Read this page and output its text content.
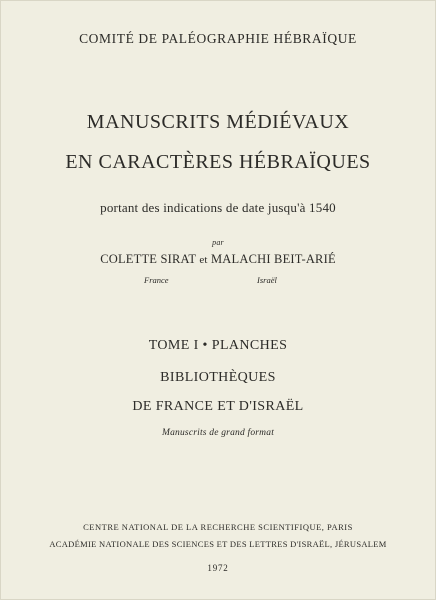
COMITÉ DE PALÉOGRAPHIE HÉBRAÏQUE
MANUSCRITS MÉDIÉVAUX
EN CARACTÈRES HÉBRAÏQUES
portant des indications de date jusqu'à 1540
par
COLETTE SIRAT et MALACHI BEIT-ARIÉ
France	Israël
TOME I • PLANCHES
BIBLIOTHÈQUES
DE FRANCE ET D'ISRAËL
Manuscrits de grand format
CENTRE NATIONAL DE LA RECHERCHE SCIENTIFIQUE, PARIS
ACADÉMIE NATIONALE DES SCIENCES ET DES LETTRES D'ISRAËL, JÉRUSALEM
1972
